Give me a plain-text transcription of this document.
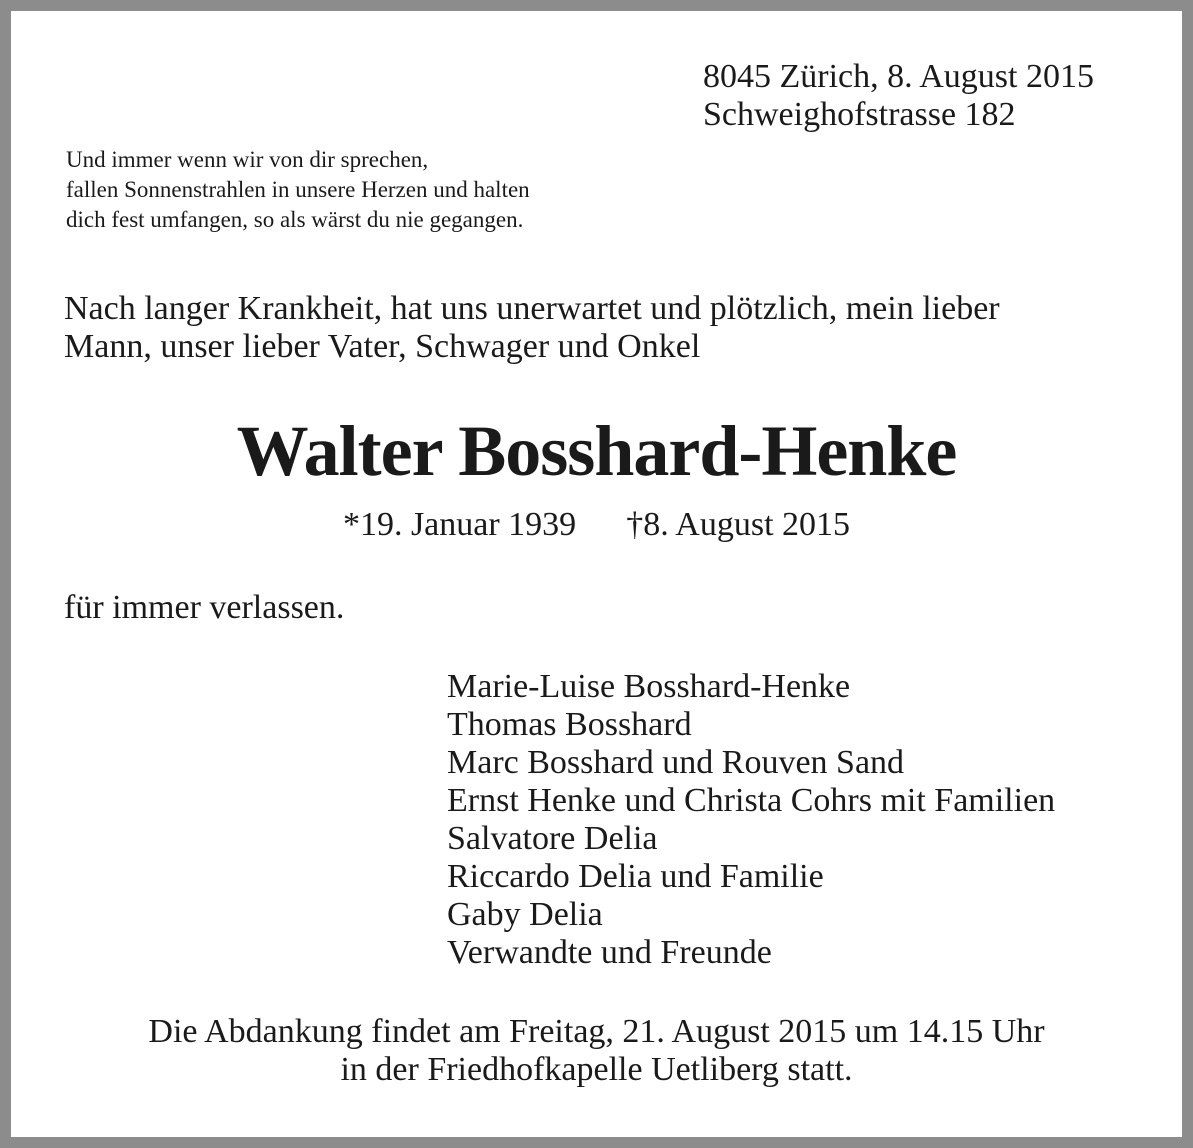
8045 Zürich, 8. August 2015
Schweighofstrasse 182
Und immer wenn wir von dir sprechen,
fallen Sonnenstrahlen in unsere Herzen und halten
dich fest umfangen, so als wärst du nie gegangen.
Nach langer Krankheit, hat uns unerwartet und plötzlich, mein lieber
Mann, unser lieber Vater, Schwager und Onkel
Walter Bosshard-Henke
*19. Januar 1939 †8. August 2015
für immer verlassen.
Marie-Luise Bosshard-Henke
Thomas Bosshard
Marc Bosshard und Rouven Sand
Ernst Henke und Christa Cohrs mit Familien
Salvatore Delia
Riccardo Delia und Familie
Gaby Delia
Verwandte und Freunde
Die Abdankung findet am Freitag, 21. August 2015 um 14.15 Uhr
in der Friedhofkapelle Uetliberg statt.
